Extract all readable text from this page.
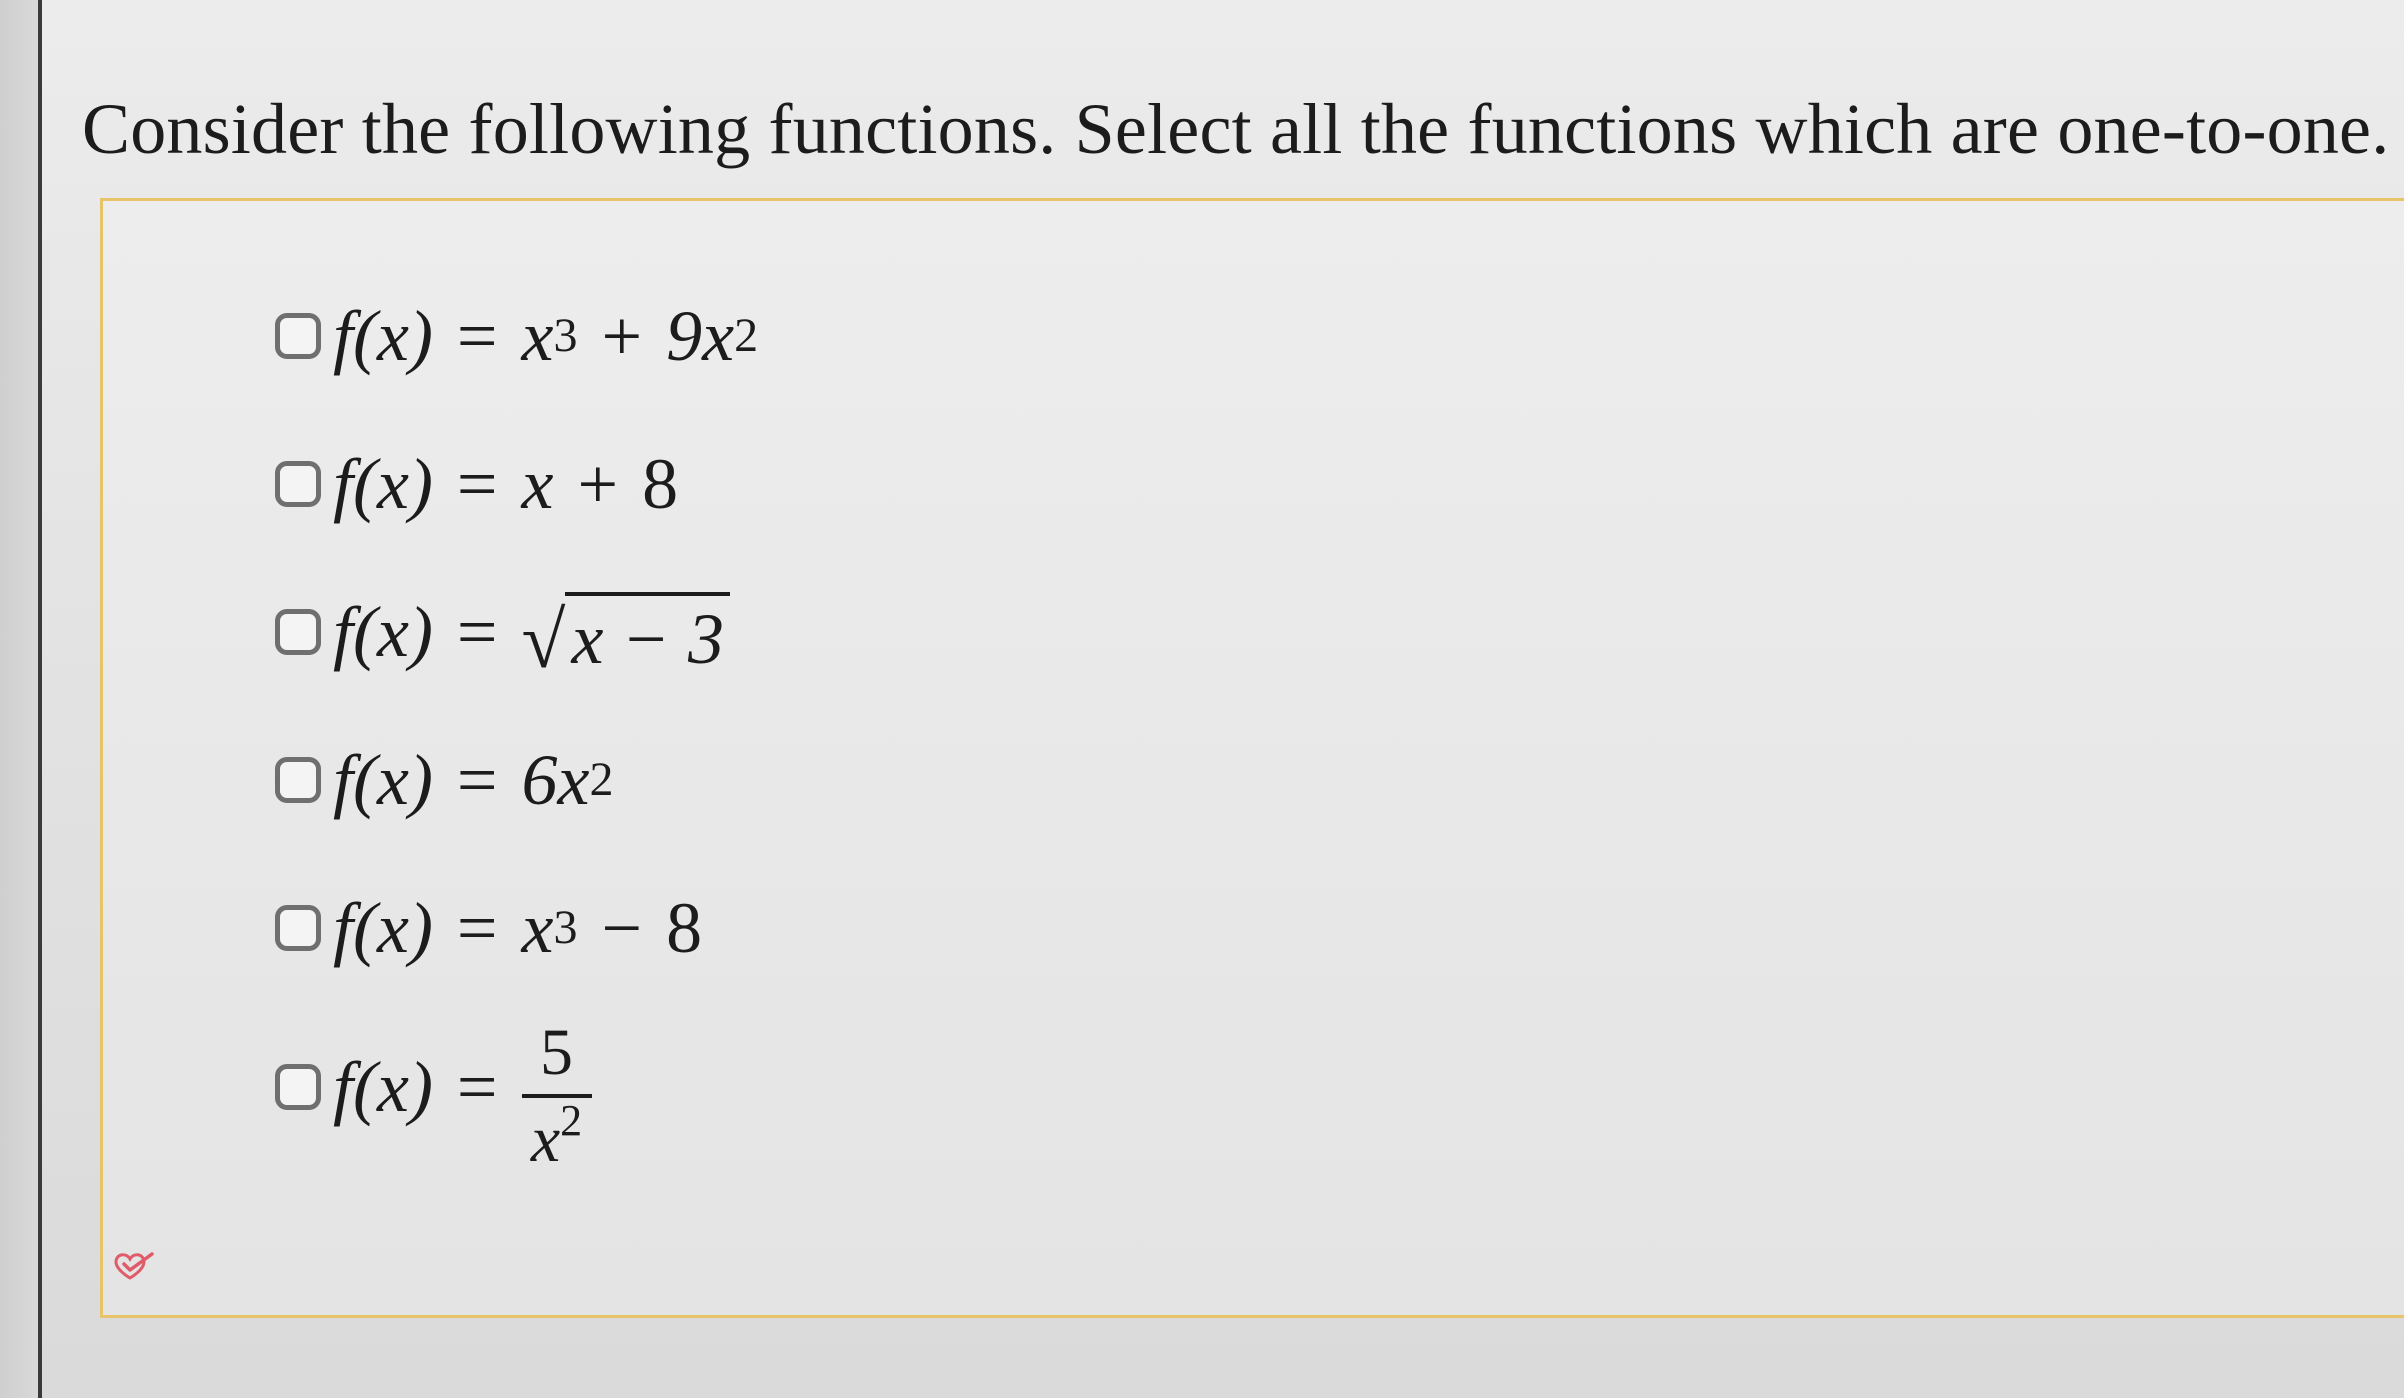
Consider the following functions. Select all the functions which are one-to-one.
f(x) = x 3 + 9x 2
f(x) = x + 8
f(x) = √ x − 3
f(x) = 6x 2
f(x) = x 3 − 8
$f(x) = \frac{5}{x^2}$
